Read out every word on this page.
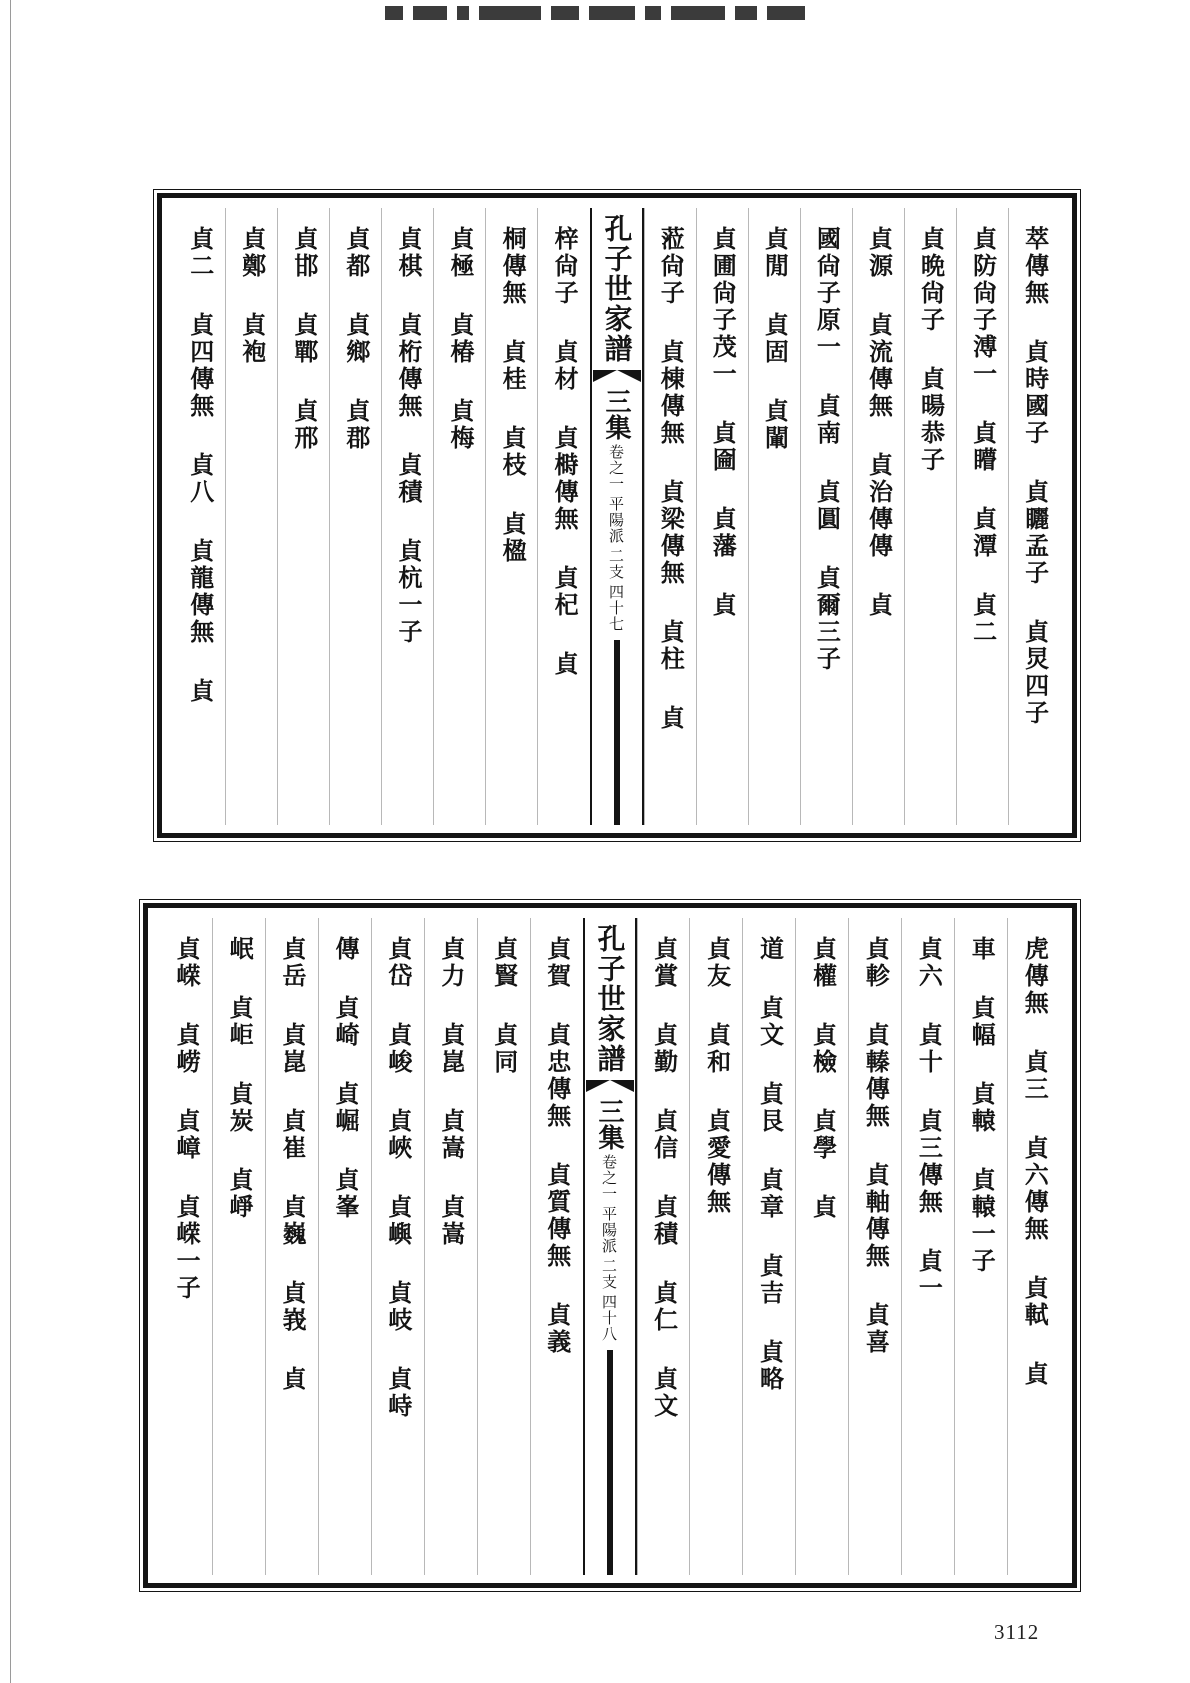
萃傳無 貞時國子 貞矖孟子 貞炅四子
貞防尙子溥一 貞矒 貞潭 貞二
貞晩尙子 貞暘恭子
貞源 貞流傳無 貞治傳傳 貞
國尙子原一 貞南 貞圓 貞爾三子
貞閒 貞固 貞閳
貞圃尙子茂一 貞圇 貞藩 貞
蒞尙子 貞棟傳無 貞梁傳無 貞柱 貞
孔子世家譜
三集
卷之一
平陽派
二支
四十七
梓尙子 貞材 貞榯傳無 貞杞 貞
桐傳無 貞桂 貞枝 貞楹
貞極 貞椿 貞梅
貞棋 貞桁傳無 貞積 貞杭一子
貞都 貞鄉 貞郡
貞邯 貞鄲 貞邢
貞鄭 貞袍
貞二 貞四傳無 貞八 貞龍傳無 貞
虎傳無 貞三 貞六傳無 貞軾 貞
車 貞幅 貞轅 貞轅一子
貞六 貞十 貞三傳無 貞一
貞軫 貞轃傳無 貞軸傳無 貞喜
貞權 貞檢 貞學 貞
道 貞文 貞艮 貞章 貞吉 貞略
貞友 貞和 貞愛傳無
貞賞 貞勤 貞信 貞積 貞仁 貞文
孔子世家譜
三集
卷之一
平陽派
二支
四十八
貞賀 貞忠傳無 貞質傳無 貞義
貞賢 貞同
貞力 貞崑 貞嵩 貞嵩
貞岱 貞峻 貞峽 貞嶼 貞岐 貞峙
傳 貞崎 貞崛 貞峯
貞岳 貞崑 貞崔 貞巍 貞峩 貞
岷 貞岠 貞炭 貞崢
貞嵘 貞崂 貞嶂 貞嵘一子
3112
